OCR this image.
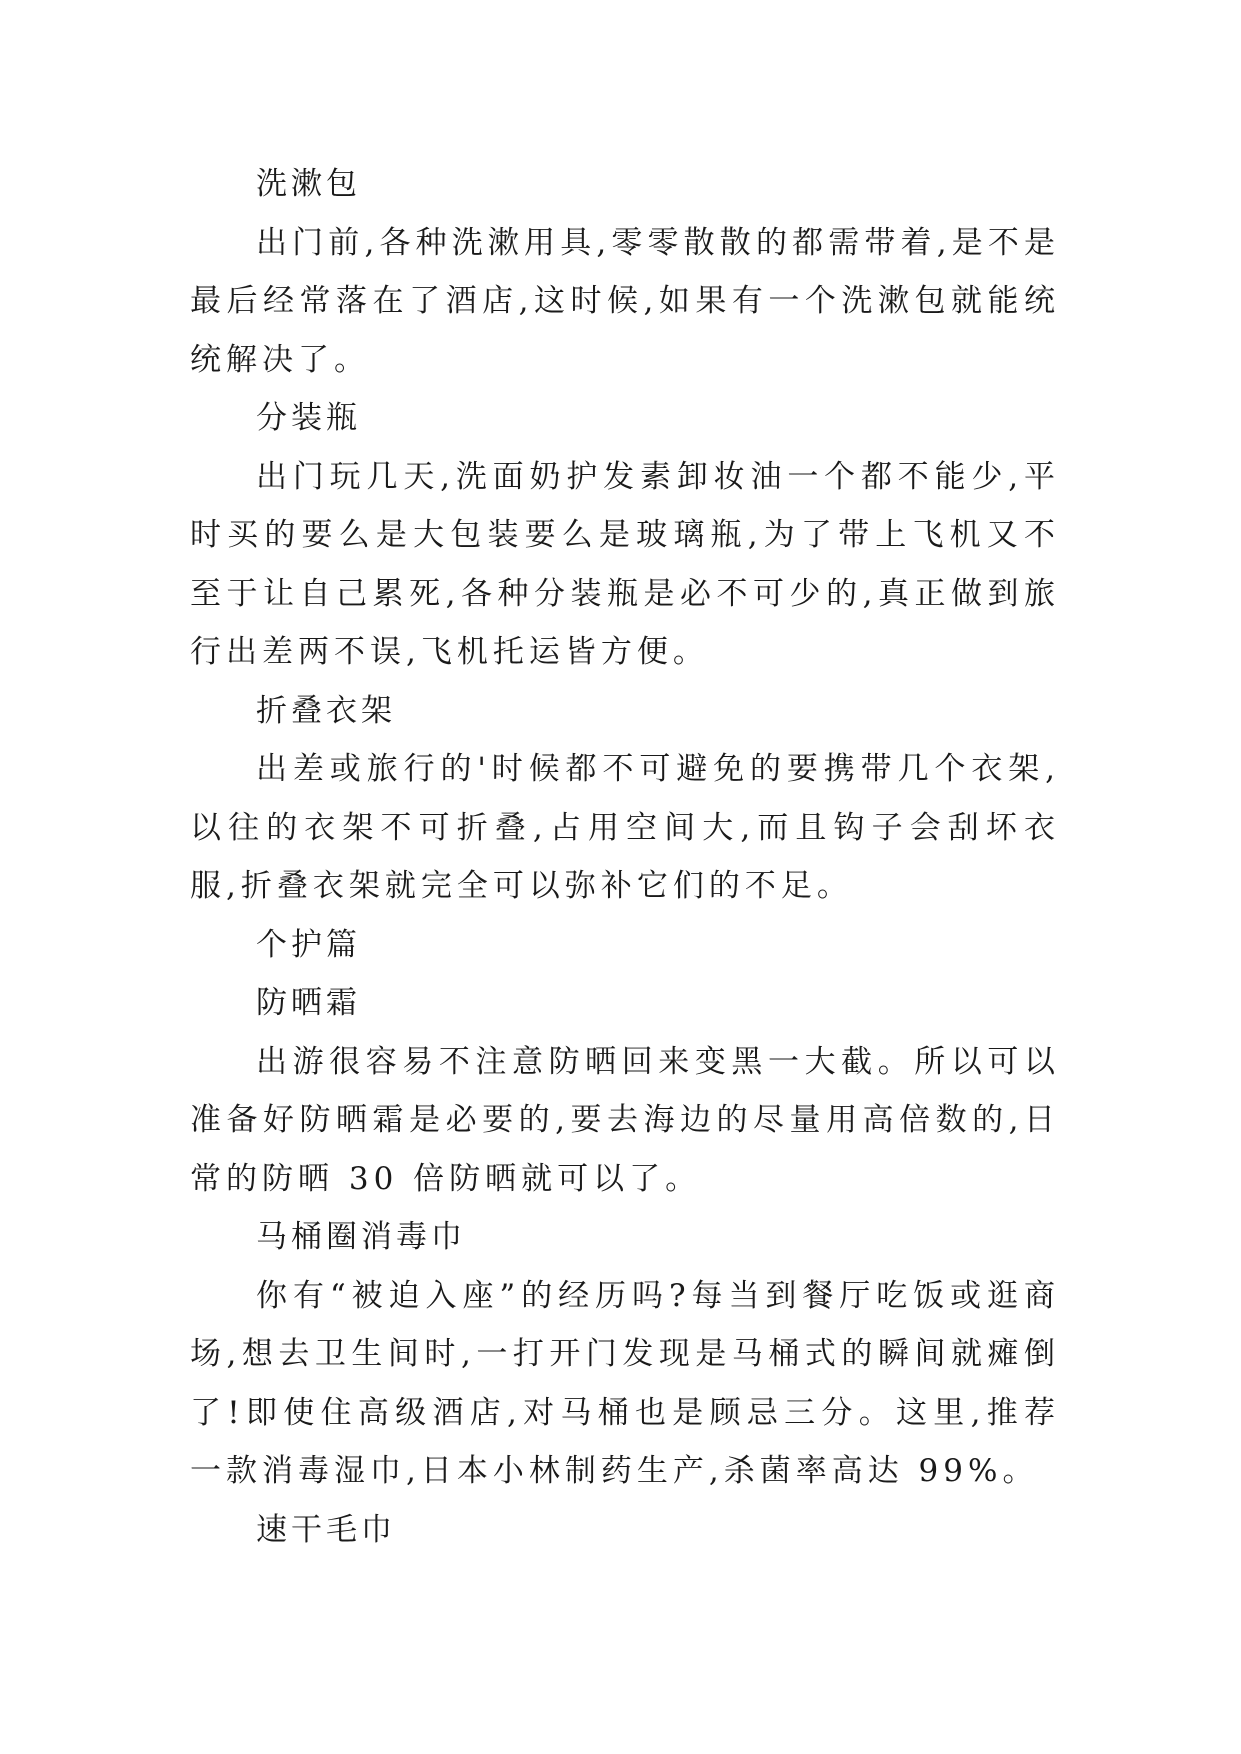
洗漱包

出门前,各种洗漱用具,零零散散的都需带着,是不是最后经常落在了酒店,这时候,如果有一个洗漱包就能统统解决了。

分装瓶

出门玩几天,洗面奶护发素卸妆油一个都不能少,平时买的要么是大包装要么是玻璃瓶,为了带上飞机又不至于让自己累死,各种分装瓶是必不可少的,真正做到旅行出差两不误,飞机托运皆方便。

折叠衣架

出差或旅行的'时候都不可避免的要携带几个衣架,以往的衣架不可折叠,占用空间大,而且钩子会刮坏衣服,折叠衣架就完全可以弥补它们的不足。

个护篇

防晒霜

出游很容易不注意防晒回来变黑一大截。所以可以准备好防晒霜是必要的,要去海边的尽量用高倍数的,日常的防晒 30 倍防晒就可以了。

马桶圈消毒巾

你有“被迫入座”的经历吗?每当到餐厅吃饭或逛商场,想去卫生间时,一打开门发现是马桶式的瞬间就瘫倒了!即使住高级酒店,对马桶也是顾忌三分。这里,推荐一款消毒湿巾,日本小林制药生产,杀菌率高达 99%。

速干毛巾
